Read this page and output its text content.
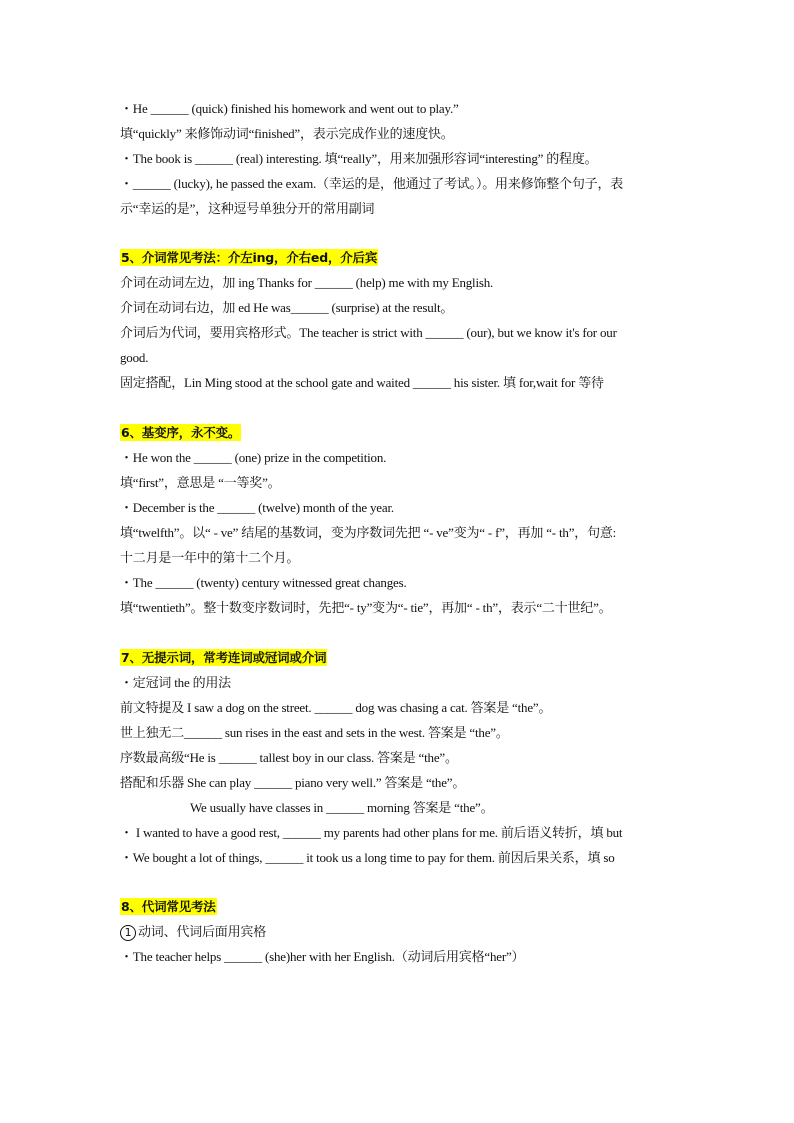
・He ______ (quick) finished his homework and went out to play.”
填“quickly” 来修饰动词“finished”，表示完成作业的速度快。
・The book is ______ (real) interesting. 填“really”，用来加强形容词“interesting” 的程度。
・______ (lucky), he passed the exam.（幸运的是，他通过了考试。）。用来修饰整个句子，表
示“幸运的是”，这种逗号单独分开的常用副词
5、介词常见考法：介左ing，介右ed，介后宾
介词在动词左边，加 ing Thanks for ______ (help) me with my English.
介词在动词右边，加 ed He was______ (surprise) at the result。
介词后为代词，要用宾格形式。The teacher is strict with ______ (our), but we know it's for our
good.
固定搭配，Lin Ming stood at the school gate and waited ______ his sister. 填 for,wait for 等待
6、基变序，永不变。
・He won the ______ (one) prize in the competition.
填“first”，意思是 “一等奖”。
・December is the ______ (twelve) month of the year.
填“twelfth”。以“ - ve” 结尾的基数词，变为序数词先把 “- ve”变为“ - f”，再加 “- th”，句意:
十二月是一年中的第十二个月。
・The ______ (twenty) century witnessed great changes.
填“twentieth”。整十数变序数词时，先把“- ty”变为“- tie”，再加“ - th”，表示“二十世纪”。
7、无提示词，常考连词或冠词或介词
・定冠词 the 的用法
前文特提及 I saw a dog on the street. ______ dog was chasing a cat. 答案是 “the”。
世上独无二______ sun rises in the east and sets in the west. 答案是 “the”。
序数最高级“He is ______ tallest boy in our class. 答案是 “the”。
搭配和乐器 She can play ______ piano very well.” 答案是 “the”。
We usually have classes in ______ morning 答案是 “the”。
・ I wanted to have a good rest, ______ my parents had other plans for me. 前后语义转折，填 but
・We bought a lot of things, ______ it took us a long time to pay for them. 前因后果关系，填 so
8、代词常见考法
1 动词、代词后面用宾格
・The teacher helps ______ (she)her with her English.（动词后用宾格“her”）
